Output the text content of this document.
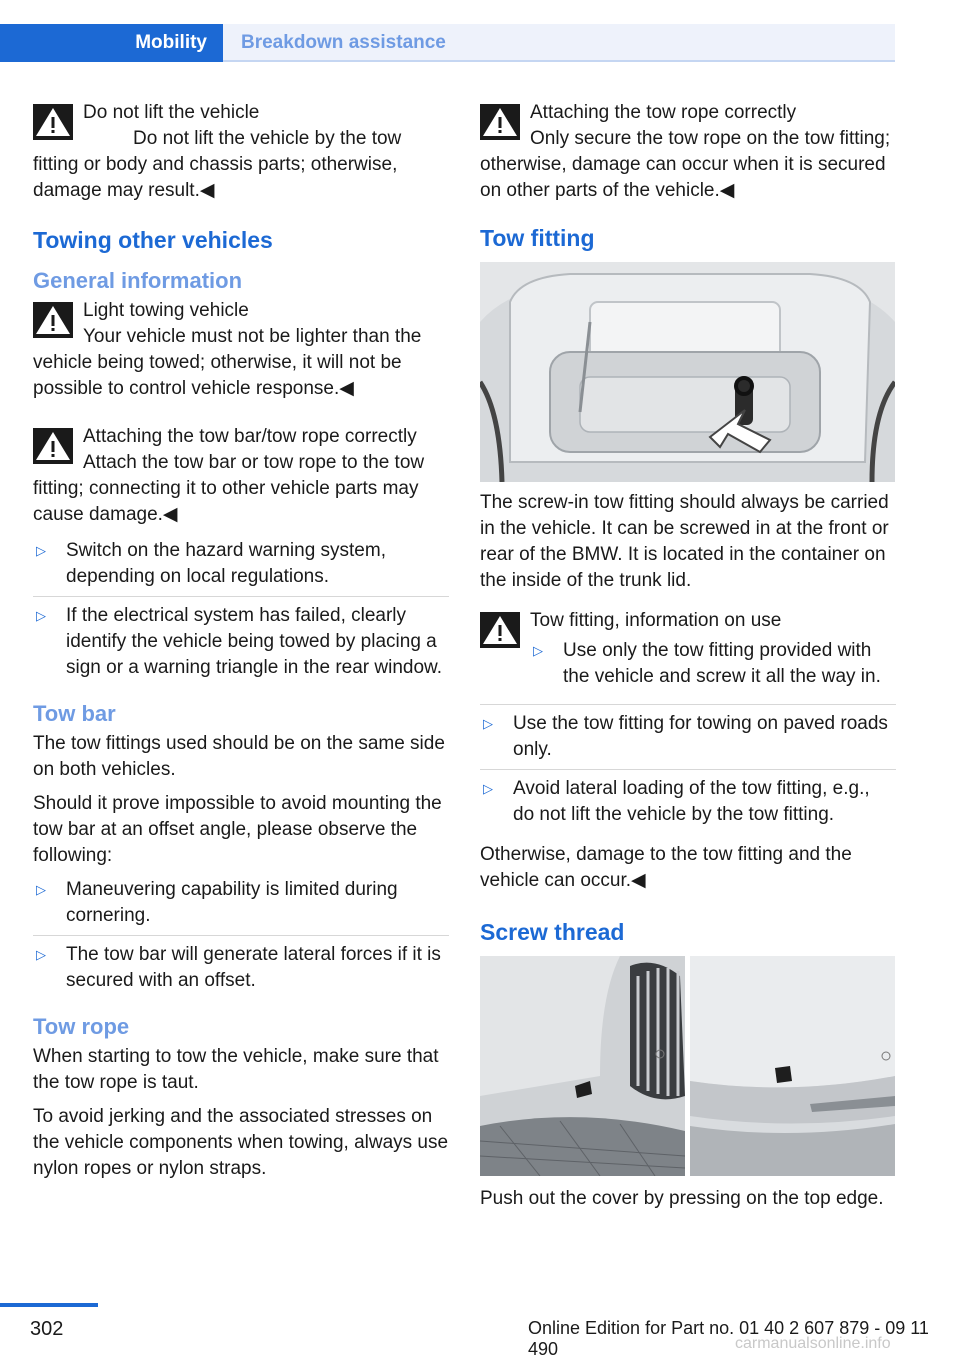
Mobility	Breakdown assistance
Do not lift the vehicle
Do not lift the vehicle by the tow fitting or body and chassis parts; otherwise, damage may result.◀
Towing other vehicles
General information
Light towing vehicle
Your vehicle must not be lighter than the vehicle being towed; otherwise, it will not be possible to control vehicle response.◀
Attaching the tow bar/tow rope correctly
Attach the tow bar or tow rope to the tow fitting; connecting it to other vehicle parts may cause damage.◀
▷ Switch on the hazard warning system, depending on local regulations.
▷ If the electrical system has failed, clearly identify the vehicle being towed by placing a sign or a warning triangle in the rear window.
Tow bar

The tow fittings used should be on the same side on both vehicles.

Should it prove impossible to avoid mounting the tow bar at an offset angle, please observe the following:

▷ Maneuvering capability is limited during cornering.
▷ The tow bar will generate lateral forces if it is secured with an offset.
Tow rope

When starting to tow the vehicle, make sure that the tow rope is taut.

To avoid jerking and the associated stresses on the vehicle components when towing, always use nylon ropes or nylon straps.

Attaching the tow rope correctly
Only secure the tow rope on the tow fitting; otherwise, damage can occur when it is secured on other parts of the vehicle.◀
Tow fitting

The screw-in tow fitting should always be carried in the vehicle. It can be screwed in at the front or rear of the BMW. It is located in the container on the inside of the trunk lid.

Tow fitting, information on use
▷ Use only the tow fitting provided with the vehicle and screw it all the way in.
▷ Use the tow fitting for towing on paved roads only.
▷ Avoid lateral loading of the tow fitting, e.g., do not lift the vehicle by the tow fitting.

Otherwise, damage to the tow fitting and the vehicle can occur.◀

Screw thread

Push out the cover by pressing on the top edge.

302	Online Edition for Part no. 01 40 2 607 879 - 09 11 490	carmanualsonline.info
